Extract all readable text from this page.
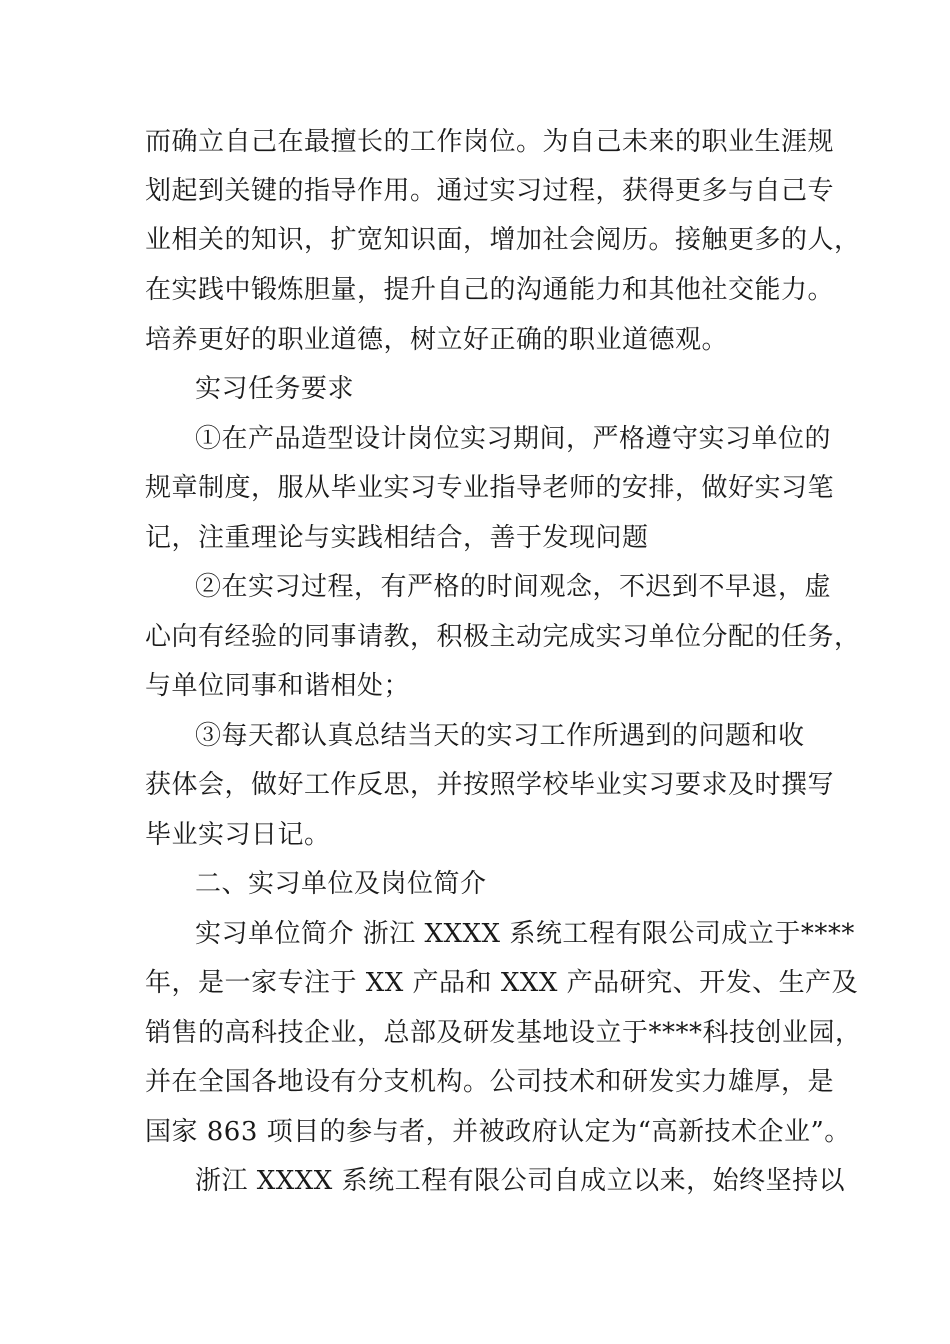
而确立自己在最擅长的工作岗位。为自己未来的职业生涯规
划起到关键的指导作用。通过实习过程，获得更多与自己专
业相关的知识，扩宽知识面，增加社会阅历。接触更多的人，
在实践中锻炼胆量，提升自己的沟通能力和其他社交能力。
培养更好的职业道德，树立好正确的职业道德观。
实习任务要求
①在产品造型设计岗位实习期间，严格遵守实习单位的
规章制度，服从毕业实习专业指导老师的安排，做好实习笔
记，注重理论与实践相结合，善于发现问题
②在实习过程，有严格的时间观念，不迟到不早退，虚
心向有经验的同事请教，积极主动完成实习单位分配的任务，
与单位同事和谐相处；
③每天都认真总结当天的实习工作所遇到的问题和收
获体会，做好工作反思，并按照学校毕业实习要求及时撰写
毕业实习日记。
二、实习单位及岗位简介
实习单位简介 浙江 XXXX 系统工程有限公司成立于****
年，是一家专注于 XX 产品和 XXX 产品研究、开发、生产及
销售的高科技企业，总部及研发基地设立于****科技创业园，
并在全国各地设有分支机构。公司技术和研发实力雄厚，是
国家 863 项目的参与者，并被政府认定为“高新技术企业”。
浙江 XXXX 系统工程有限公司自成立以来，始终坚持以
